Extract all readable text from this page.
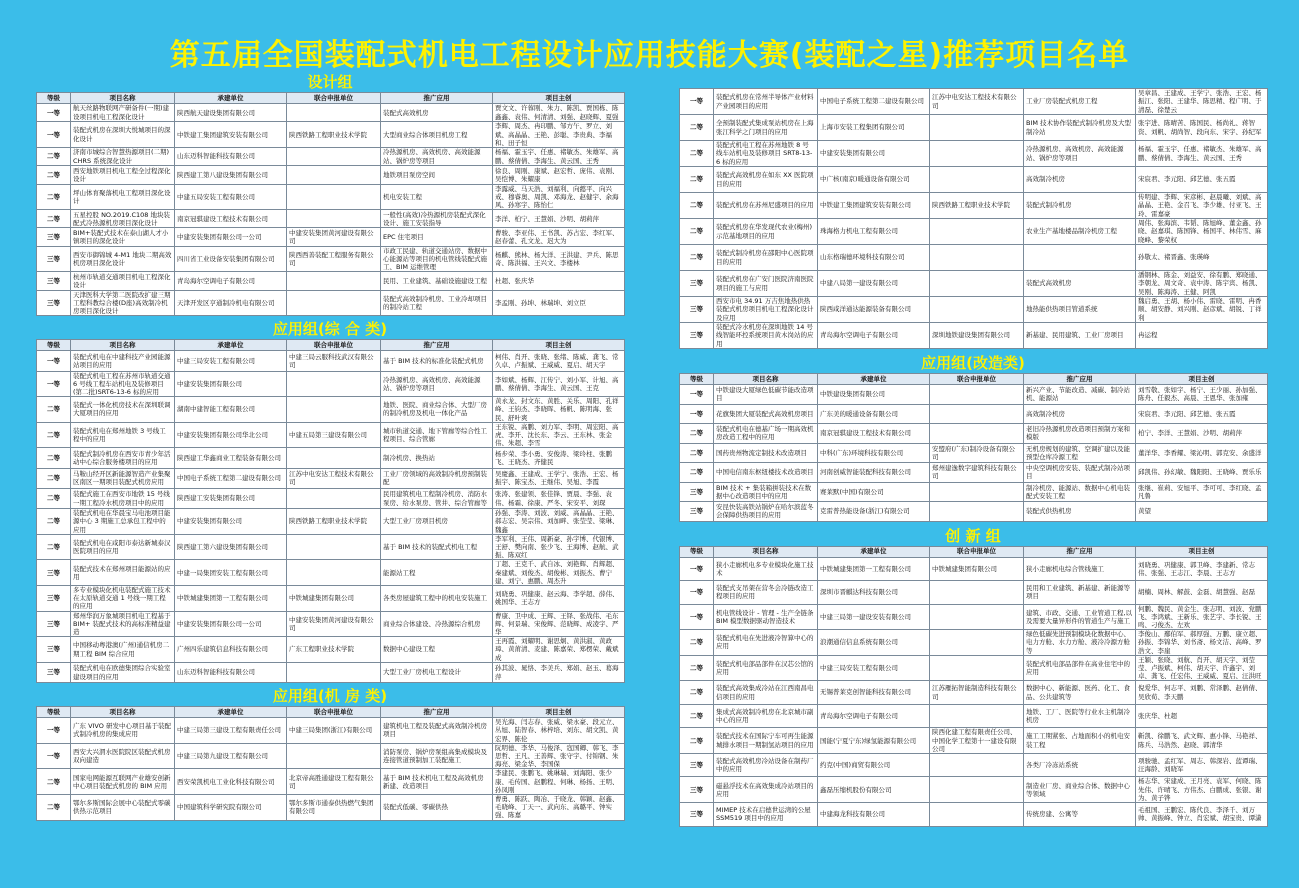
第五届全国装配式机电工程设计应用技能大赛(装配之星)推荐项目名单
设计组
等级	项目名称	承建单位	联合申报单位	推广应用	项目主创
一等	航天丝路物联网产研备件(一期)建设项目机电工程深化设计	陕西航天建设集团有限公司		装配式高效机房	贾文文、许蓉刚、朱力、陈凯、贾国栋、陈鑫鑫、袁伟、何清清、刘强、赵晓辉、夏强
一等	装配式机房在深圳大悦城项目的深化设计	中铁建工集团建筑安装有限公司	陕西铁路工程职业技术学院	大型商业综合体项目机房工程	李辉、周杰、冉印鹏、邹方午、罗立、刘斌、高晶晶、王艳、彭聪、李贵典、李福和、田子恒
二等	济南市城综合智慧热源项目(二期)CHRS 系统深化设计	山东迈科智能科技有限公司		冷热源机房、高效机房、高效能源站、锅炉房等项目	杨福、霍玉宇、任惠、褚敏杰、朱雄军、高鹏、蔡倩倩、李海生、黄云国、王秀
二等	西安地铁项目机电工程全过程深化设计	陕西建工第八建设集团有限公司		地铁项目泵房空间	徐良、周刚、康斌、赵宏哲、庞伟、袁刚、吴恺博、朱耀康
二等	坪山体育聚落机电工程项目深化设计	中建五局安装工程有限公司		机电安装工程	李露威、马天浩、刘福利、向懿平、向兴戒、穆睿奥、周凯、邓海龙、赵健宇、余海风、孙寒宇、陈怡仁
二等	五星控股 NO.2019.C108 地块装配式冷热源机房项目深化设计	南京冠骐建设工程技术有限公司		一般性(高效)冷热源机房装配式深化设计、施工安装指导	李洋、柏宁、王慧娟、沙明、胡莉萍
三等	BIM+装配式技术在泰山湖人才小镇项目的深化设计	中建安装集团有限公司一公司	中建安装集团黄河建设有限公司	EPC 住宅项目	曹骏、李亚伟、王书凯、苏占宏、李红军、赵春蕾、孔文龙、迟大为
三等	西安市御锦城 4-M1 地块二期高效机房项目深化设计	四川省工业设备安装集团有限公司	陕西西善装配工程服务有限公司	市政工民建、轨道交通站房、数据中心能源站等项目的机电管线装配式施工、BIM 运维管理	杨麒、熊林、杨大洋、王洪建、尹兵、陈思奇、陈洪福、王兴文、李楼林
三等	杭州市轨道交通项目机电工程深化设计	青岛海尔空调电子有限公司		民用、工业建筑、基础设施建设工程	杜超、张庆华
三等	天津医科大学第二医院改扩建三期工程科教综合楼(D座)高效制冷机房项目深化设计	天津开发区亨通制冷机电有限公司		装配式高效制冷机房、工业冷却项目的制冷站工程	李孟刚、孙坤、林瑞坤、刘立臣
应用组(综 合 类)
等级	项目名称	承建单位	联合申报单位	推广应用	项目主创
一等	装配式机电在中建科技产业园能源站项目的应用	中建三局安装工程有限公司	中建三局云服科技武汉有限公司	基于 BIM 技术的标准化装配式机房	柯伟、肖开、张晓、张绪、陈威、龚飞、常久卓、卢振斌、王威威、夏启、胡天宇
一等	装配式机电工程在苏州市轨道交通 6 号线工程车站机电及装修项目(第二批)SRT6-13-6 标的应用	中建安装集团有限公司		冷热源机房、高效机房、高效能源站、锅炉房等项目	李如斌、杨辉、江传宁、刘小军、计旭、高鹏、蔡倩倩、李海生、黄云国、王克
二等	装配式一体化机房技术在深圳联调大厦项目的应用	湖南中建智能工程有限公司		地铁、医院、商业综合体、大型厂房的制冷机房及机电一体化产品	黄永龙、封文东、黄胜、关乐、周阳、孔祥峰、王钧杰、李晓晖、杨帆、陈明海、张民、舒叶爽
二等	装配式机电在郑州地铁 3 号线工程中的应用	中建安装集团有限公司华北公司	中建五局第三建设有限公司	城市轨道交通、地下管廊等综合性工程项目、综合管廊	王东锐、高鹏、刘力军、李明、周宏阳、高虎、李开、沈长东、李云、王东林、张金伟、朱超、李雪
二等	装配式制冷机房在西安市青少年活动中心综合服务楼项目的应用	陕西建工华鑫商业工程装备有限公司		制冷机房、换热站	杨步荣、李小勇、安俊涛、梁玲柱、张鹏飞、王晓杰、齐健民
二等	马鞍山经开区新能源智造产业集聚区南区一期项目装配式机房应用	中国电子系统工程第二建设有限公司	江苏中电安达工程技术有限公司	工业厂房领域的高效制冷机房预制装配	吴慶鑫、王建成、王学宁、张浩、王宏、杨振宇、陈宝杰、王继伟、吴旭、李霞
二等	装配式施工在西安市地铁 15 号线一期工程冷水机房项目中的应用	陕西建工安装集团有限公司		民用建筑机电工程制冷机房、消防水泵房、给水泵房、管井、综合管廊等	张涛、张建领、张佳锋、贾晨、李强、袁伟、杨霜、徐康、严冬、宋安平、刘琛
二等	装配式机电在华晨宝马电池项目能源中心 3 期施工总承包工程中的应用	中建安装集团有限公司	陕西铁路工程职业技术学院	大型工业厂房项目机房	孙强、李涛、刘波、刘威、高晶晶、王艳、郝志宏、吴宗伟、刘加畔、张莹莹、梁琳、魏鑫
二等	装配式机电在咸阳市泰达新城泰汉医院项目的应用	陕西建工第六建设集团有限公司		基于 BIM 技术的装配式机电工程	李军利、王伟、周新豪、孙宇博、代银博、王舒、樊向南、张少飞、王海博、赵航、武振、陈双红
三等	装配式技术在郑州项目能源站的应用	中建一局集团安装工程有限公司		能源站工程	丁超、王克千、武自冰、刘艳辉、肖辉超、秦建斌、刘俊杰、胡俊彬、刘振杰、曹宁建、刘宁、惠鹏、周杰升
三等	多专业模块化机电装配式施工技术在太原轨道交通 1 号线一期工程的应用	中铁城建集团第一工程有限公司	中铁城建集团有限公司	各类房屋建筑工程中的机电安装施工	刘晓勇、巩健康、赵云海、李学超、薛伟、姚国华、王志方
三等	郑州华润万象城项目机电工程基于 BIM+ 装配式技术的高标准精益建造	中建安装集团有限公司一公司	中建安装集团黄河建设有限公司	商业综合体建设、冷热源综合机房	曹康、卫中成、王辉、王铎、张战伟、毛东辉、何景瑞、宋俊辉、范晓辉、成凌宇、严华
三等	中国移动粤港澳(广州)通信机房二期工程 BIM 综合应用	广州四乐建筑信息科技有限公司	广东工程职业技术学院	数据中心建设工程	王再霞、刘耀明、谢思炯、黄洪淑、黄政璋、黄莆清、麦建、陈嘉荣、郑楞荣、戴斌成
三等	装配式机电在欧德集团综合实验室建设项目的应用	山东迈科智能科技有限公司		大型工业厂房机电工程设计	孙其波、晁恪、李美兵、郑娟、赵玉、葛海萍
应用组(机 房 类)
等级	项目名称	承建单位	联合申报单位	推广应用	项目主创
一等	广东 VIVO 研发中心项目基于装配式制冷机房的集成应用	中建三局第三建设工程有限责任公司	中建三局集团(浙江)有限公司	建筑机电工程及装配式高效制冷机房项目	吴光海、闫志春、张威、梁永豪、段元立、丛旭、陆智春、林梓培、刘东、胡文凯、黄宏界、陈伦
一等	西安大兴渭水医院院区装配式机房双向建造	中建三局第九建设工程有限公司		消防泵房、锅炉房泵组高集成模块及连接管道预制加工装配施工	阮明德、李华、马俊泽、寇国卿、韩飞、李思哲、王凡、王善辉、张守宇、付锦钢、朱海亮、梁金华、李国保
二等	国家电网能源互联网产业雄安创新中心项目装配式机房的 BIM 应用	西安荣凯机电工业化科技有限公司	北京帝高胜通建设工程有限公司	基于 BIM 技术机电工程及高效机房新建、改造项目	李建民、张鹏飞、姚琳瑞、刘海阳、张少康、毛传国、赵鹏程、何琳、杨扬、王明、孙凤刚
二等	鄂尔多斯国际会展中心装配式零碳供热示范项目	中国建筑科学研究院有限公司	鄂尔多斯市通泰供热燃气集团有限公司	装配式低碳、零碳供热	曹勇、陈跃、陶冶、于晓龙、韩颖、赵鑫、毛晓峰、丁天一、武向东、高璐平、钟实强、陈嘉
一等	装配式机房在常州半导体产业材料产业园项目的应用	中国电子系统工程第二建设有限公司	江苏中电安达工程技术有限公司	工业厂房装配式机房工程	吴章昌、王建成、王学宁、张浩、王宏、杨振江、张阳、王建华、陈思精、程广明、于清磊、徐楚云
二等	全预制装配式集成泵站机房在上海张江科学之门项目的应用	上海市安装工程集团有限公司		BIM 技术协作装配式制冷机房及大型制冷站	张宇进、陈晴苦、陈国民、杨尚礼、蒋智资、刘帆、胡尚智、段向东、宋宇、孙纪军
二等	装配式机电工程在苏州地铁 8 号线车站机电及装修项目 SRT8-13-6 标的应用	中建安装集团有限公司		冷热源机房、高效机房、高效能源站、锅炉房等项目	杨福、霍玉宇、任惠、褚敏杰、朱雄军、高鹏、蔡倩倩、李海生、黄云国、王秀
二等	装配式高效机房在如东 XX 医院项目的应用	中广核(南京)暖通设备有限公司		高效制冷机房	宋宸君、李元阳、邱艺德、张五霞
二等	装配式机房在苏州尼盛项目的应用	中铁建工集团建筑安装有限公司	陕西铁路工程职业技术学院	装配式制冷机房	传明建、李辉、宋彦彬、赵晨曦、刘斌、高晶晶、王艳、金召飞、李少雄、付亚飞、王玲、雷嘉豪
二等	装配式机房在华发现代农业(梅州)示范基地项目的应用	珠海格力机电工程有限公司		农业生产基地楼品制冷机房工程	周伟、张海滨、韦韬、陈旭峰、董金鑫、孙晓、赵嘉琪、陈国锋、杨国平、林伟雪、麻晓峰、黎荣权
二等	装配式制冷机房在邵阳中心医院项目的应用	山东格瑞德环境科技有限公司			孙敬太、褚晋鑫、张瑛峰
三等	装配式机房在广安门医院济南医院项目的施工与应用	中建八局第一建设有限公司		装配式高效机房	潘钢林、陈金、刘益安、徐有鹏、郑晓通、李朝龙、周文奇、袁中涛、陈宇宾、杨凯、吴刚、陈海涛、王健、阿凯
三等	西安市电 34.91 万吉焦地热供热装配式机房项目机电工程深化设计及应用	陕西咸洋通达能源装备有限公司		地热能供热项目管道系统	魏启勇、王胡、杨小伟、雷晓、雷明、冉香顺、胡安静、刘兴刚、赵彦斌、胡锐、丁祥利
三等	装配式冷水机房在深圳地铁 14 号线智能环控系统项目黄木岗站的应用	青岛海尔空调电子有限公司	深圳地铁建设集团有限公司	新基建、民用建筑、工业厂房项目	冉运程
应用组(改造类)
等级	项目名称	承建单位	联合申报单位	推广应用	项目主创
一等	中铁建设大厦绿色低碳节能改造项目	中铁建设集团有限公司		新兴产业、节能改造、减碳、制冷站机、能源站	刘雪敬、张如宇、杨宁、王少丽、孙加强、陈舟、任毅杰、高晨、王恩华、张加雍
一等	花旗集团大厦装配式高效机房项目	广东美的暖通设备有限公司		高效制冷机房	宋宸君、李元阳、邱艺德、张五霞
二等	装配式机电在德基广场一期高效机房改造工程中的应用	南京冠骐建设工程技术有限公司		老旧冷热源机房改造项目预制方案和模版	柏宁、李洋、王慧娟、沙明、胡莉萍
二等	国药贵州物流定制技术改造项目	中科(广东)环境科技有限公司	安盟府(广东)制冷设备有限公司	无机房规划的建筑、空调扩建以及能预型仓库冷源工程	董洋华、李香耀、梁沁明、郭克安、余盛洋
二等	中国电信南东枢纽楼技术改造项目	河南创威智能装配科技有限公司	郑州建逸数字建筑科技有限公司	中央空调机房安装、装配式制冷站项目	邱凯伟、孙幻敏、魏阳阳、王晓峰、贾乐乐
三等	BIM 技术 + 集装箱拼装技术在数据中心改造项目中的应用	赛莱默(中国)有限公司		制冷机房、能源站、数据中心机电装配式安装工程	张继、崔莉、安旭平、李可可、李红晓、孟凡鲁
三等	安昆快装高铁站锅炉在哈尔滨蓝冬会保障供热项目的应用	克雷普热能设备(浙江)有限公司		装配式供热机房	黄望
创 新 组
等级	项目名称	承建单位	联合申报单位	推广应用	项目主创
一等	狭小走廊机电多专业模块化施工技术	中铁城建集团第一工程有限公司	中铁城建集团有限公司	狭小走廊机电综合管线施工	刘晓勇、巩健康、郭卫峰、李建新、常志伟、张强、王志江、李晨、王志方
一等	装配式支吊架在营冬会冷链改造工程项目的应用	深圳市晋麒达科技有限公司		民用和工业建筑、新基建、新能源等项目	胡楠、周林、解鼓、金磊、胡慧强、赵磊
一等	机电管线设计 - 管理 - 生产全链条 BIM 模型数据驱动智造技术	中建三局第一建设安装有限公司		建筑、市政、交通、工业管道工程,以及需要大量异形件的管道生产与施工	何鹏、魏民、黄金生、张志明、刘波、党鹏飞、李鸿斌、王新乐、张艺宇、李长锐、王鸣、刁俊杰、左欢
二等	装配式机电在先进液冷智算中心的应用	浪潮通信信息系统有限公司		绿色低碳先进预制模块化数据中心、电力方舱、水力方舱、液冷冷源方舱等	李俊山、鄢伯军、郝厚强、万鹏、康立超、孙振、李锦华、刘书斋、杨文洁、高峰、罗浩文、李崖
二等	装配式机电部品部件在汉芯公馆的应用	中建三局安装工程有限公司		装配式机电部品部件在高业住宅中的应用	王颖、张晓、刘航、肖开、胡天宇、刘莹莹、卢振斌、柯伟、胡天宇、许鑫宇、刘卓、龚飞、任宏伟、王威威、夏启、汪洪旺
二等	装配式高效集成冷站在江西南昌电信项目的应用	无锡普莱克创智能科技有限公司	江苏雁拓智能制造科技有限公司	数据中心、新能源、医药、化工、食品、公共建筑等	倪爱华、何志平、刘鹏、常泽鹏、赵倩倩、吴欣荀、李天鹏
二等	集成式高效制冷机房在北京城市副中心的应用	青岛海尔空调电子有限公司		地铁、工厂、医院等行业水主机制冷机房	张庆华、杜超
二等	装配式技术在国际宁车可再生能源城排水项目一期制氢站项目的应用	国能(宁夏宁东)绿氢能源有限公司	陕西化建工程有限责任公司、中国化学工程第十一建设有限公司	施工工期紧张、占地面积小的机电安装工程	靳凯、徐鹏飞、武文辉、惠小锋、马艳祥、陈兵、马浩然、赵晓、郭清华
三等	装配式高效机房冷站设备在制药厂中的应用	约克(中国)商贸有限公司		各类厂冷冻站系统	项骏驰、孟红军、周志、韩深岩、蓝谭瑞、汪海龄、刘晓军
三等	磁悬浮技术在高效集成冷站项目的应用	鑫磊压缩机股份有限公司		制造业厂房、商业综合体、数据中心等领域	杨志华、宋建成、王月亮、袁军、何晓、陈先伟、许晴飞、方伟杰、白鹏成、张银、谢为、黄子铧
三等	MIMEP 技术在启德世运湾的公屋 SSM519 项目中的应用	中建海龙科技有限公司		传统房建、公寓等	毛祖国、王鹏宏、陈代良、李泽千、刘万帅、黄振峰、钟立、肖宏斌、胡宝贵、谭潇
